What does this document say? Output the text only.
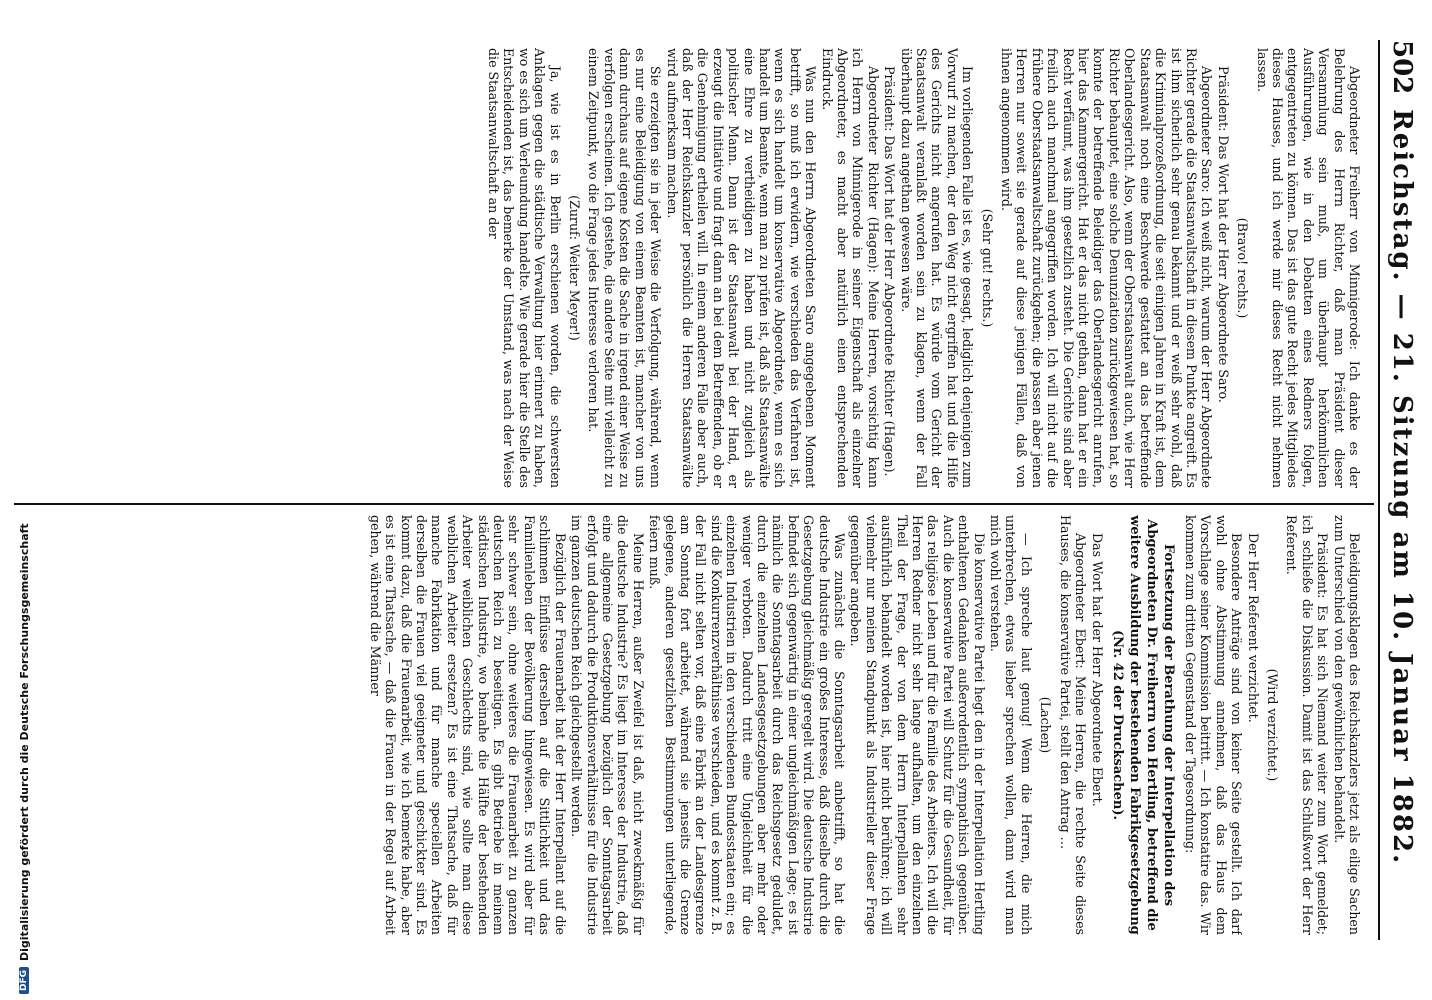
502
Reichstag. — 21. Sitzung am 10. Januar 1882.

Abgeordneter Freiherr von Minnigerode: Ich danke es der Belehrung des Herrn Richter, daß man Präsident dieser Versammlung sein muß, um überhaupt herkömmlichen Ausführungen, wie in den Debatten eines Redners folgen, entgegentreten zu können. Das ist das gute Recht jedes Mitgliedes dieses Hauses, und ich werde mir dieses Recht nicht nehmen lassen.

(Bravo! rechts.)

Präsident: Das Wort hat der Herr Abgeordnete Saro.

Abgeordneter Saro: Ich weiß nicht, warum der Herr Abgeordnete Richter gerade die Staatsanwaltschaft in diesem Punkte angreift. Es ist ihm sicherlich sehr genau bekannt und er weiß sehr wohl, daß die Kriminalprozeßordnung, die seit einigen Jahren in Kraft ist, dem Staatsanwalt noch eine Beschwerde gestattet an das betreffende Oberlandesgericht. Also, wenn der Oberstaatsanwalt auch, wie Herr Richter behauptet, eine solche Denunziation zurückgewiesen hat, so konnte der betreffende Beleidiger das Oberlandesgericht anrufen, hier das Kammergericht. Hat er das nicht gethan, dann hat er ein Recht verfäumt, was ihm gesetzlich zusteht. Die Gerichte sind aber freilich auch manchmal angegriffen worden. Ich will nicht auf die frühere Oberstaatsanwaltschaft zurückgehen; die passen aber jenen Herren nur soweit sie gerade auf diese jenigen Fällen, daß von ihnen angenommen wird.

(Sehr gut! rechts.)

Im vorliegenden Falle ist es, wie gesagt, lediglich denjenigen zum Vorwurf zu machen, der den Weg nicht ergriffen hat und die Hilfe des Gerichts nicht angerufen hat. Es würde vom Gericht der Staatsanwalt veranlaßt worden sein zu klagen, wenn der Fall überhaupt dazu angethan gewesen wäre.

Präsident: Das Wort hat der Herr Abgeordnete Richter (Hagen).

Abgeordneter Richter (Hagen): Meine Herren, vorsichtig kann ich Herrn von Minnigerode in seiner Eigenschaft als einzelner Abgeordneter, es macht aber natürlich einen entsprechenden Eindruck.

Was nun den Herrn Abgeordneten Saro angegebenen Moment betrifft, so muß ich erwidern, wie verschieden das Verfahren ist, wenn es sich handelt um konservative Abgeordnete, wenn es sich handelt um Beamte, wenn man zu prüfen ist, daß als Staatsanwälte eine Ehre zu vertheidigen zu haben und nicht zugleich als politischer Mann. Dann ist der Staatsanwalt bei der Hand, er erzeugt die Initiative und fragt dann an bei dem Betreffenden, ob er die Genehmigung ertheilen will. In einem anderen Falle aber auch, daß der Herr Reichskanzler persönlich die Herren Staatsanwälte wird aufmerksam machen.

Sie erzeigten sie in jeder Weise die Verfolgung, während, wenn es nur eine Beleidigung von einem Beamten ist, mancher von uns dann durchaus auf eigene Kosten die Sache in irgend einer Weise zu verfolgen erscheinen. Ich gestehe, die andere Seite mit vielleicht zu einem Zeitpunkt, wo die Frage jedes Interesse verloren hat.

(Zuruf: Weiter Meyer!)

Ja, wie ist es in Berlin erschienen worden, die schwersten Anklagen gegen die städtische Verwaltung hier erinnert zu haben, wo es sich um Verleumdung handelte. Wie gerade hier die Stelle des Entscheidenden ist, das bemerke der Umstand, was nach der Weise die Staatsanwaltschaft an der

Beleidigungsklagen des Reichskanzlers jetzt als eilige Sachen zum Unterschied von den gewöhnlichen behandelt.

Präsident: Es hat sich Niemand weiter zum Wort gemeldet; ich schließe die Diskussion. Damit ist das Schlußwort der Herr Referent.

(Wird verzichtet.)

Der Herr Referent verzichtet.

Besondere Anträge sind von keiner Seite gestellt. Ich darf wohl ohne Abstimmung annehmen, daß das Haus dem Vorschlage seiner Kommission beitritt. — Ich konstatire das. Wir kommen zum dritten Gegenstand der Tagesordnung:

Fortsetzung der Berathung der Interpellation des Abgeordneten Dr. Freiherrn von Hertling, betreffend die weitere Ausbildung der bestehenden Fabrikgesetzgebung (Nr. 42 der Drucksachen).

Das Wort hat der Herr Abgeordnete Ebert.

Abgeordneter Ebert: Meine Herren, die rechte Seite dieses Hauses, die konservative Partei, stellt den Antrag …

(Lachen)

— Ich spreche laut genug! Wenn die Herren, die mich unterbrechen, etwas lieber sprechen wollen, dann wird man mich wohl verstehen.

Die konservative Partei hegt den in der Interpellation Hertling enthaltenen Gedanken außerordentlich sympathisch gegenüber. Auch die konservative Partei will Schutz für die Gesundheit, für das religiöse Leben und für die Familie des Arbeiters. Ich will die Herren Redner nicht sehr lange aufhalten, um den einzelnen Theil der Frage, der von dem Herrn Interpellanten sehr ausführlich behandelt worden ist, hier nicht berühren; ich will vielmehr nur meinen Standpunkt als Industrieller dieser Frage gegenüber angeben.

Was zunächst die Sonntagsarbeit anbetrifft, so hat die deutsche Industrie ein großes Interesse, daß dieselbe durch die Gesetzgebung gleichmäßig geregelt wird. Die deutsche Industrie befindet sich gegenwärtig in einer ungleichmäßigen Lage; es ist nämlich die Sonntagsarbeit durch das Reichsgesetz geduldet, durch die einzelnen Landesgesetzgebungen aber mehr oder weniger verboten. Dadurch tritt eine Ungleichheit für die einzelnen Industrien in den verschiedenen Bundesstaaten ein; es sind die Konkurrenzverhältnisse verschieden, und es kommt z. B. der Fall nicht selten vor, daß eine Fabrik an der Landesgrenze am Sonntag fort arbeitet, während sie jenseits die Grenze gelegene, anderen gesetzlichen Bestimmungen unterliegende, feiern muß.

Meine Herren, außer Zweifel ist daß, nicht zweckmäßig für die deutsche Industrie? Es liegt im Interesse der Industrie, daß eine allgemeine Gesetzgebung bezüglich der Sonntagsarbeit erfolgt und dadurch die Produktionsverhältnisse für die Industrie im ganzen deutschen Reich gleichgestellt werden.

Bezüglich der Frauenarbeit hat der Herr Interpellant auf die schlimmen Einflüsse derselben auf die Sittlichkeit und das Familienleben der Bevölkerung hingewiesen. Es wird aber für sehr schwer sein, ohne weiteres die Frauenarbeit zu ganzen deutschen Reich zu beseitigen. Es gibt Betriebe in meinem städtischen Industrie, wo beinahe die Hälfte der bestehenden Arbeiter weiblichen Geschlechts sind, wie sollte man diese weiblichen Arbeiter ersetzen? Es ist eine Thatsache, daß für manche Fabrikation und für manche speciellen Arbeiten derselben die Frauen viel geeigneter und geschickter sind. Es kommt dazu, daß die Frauenarbeit, wie ich bemerke habe, aber es ist eine Thatsache, — daß die Frauen in der Regel auf Arbeit gehen, während die Männer

DFG
Digitalisierung gefördert durch die Deutsche Forschungsgemeinschaft
